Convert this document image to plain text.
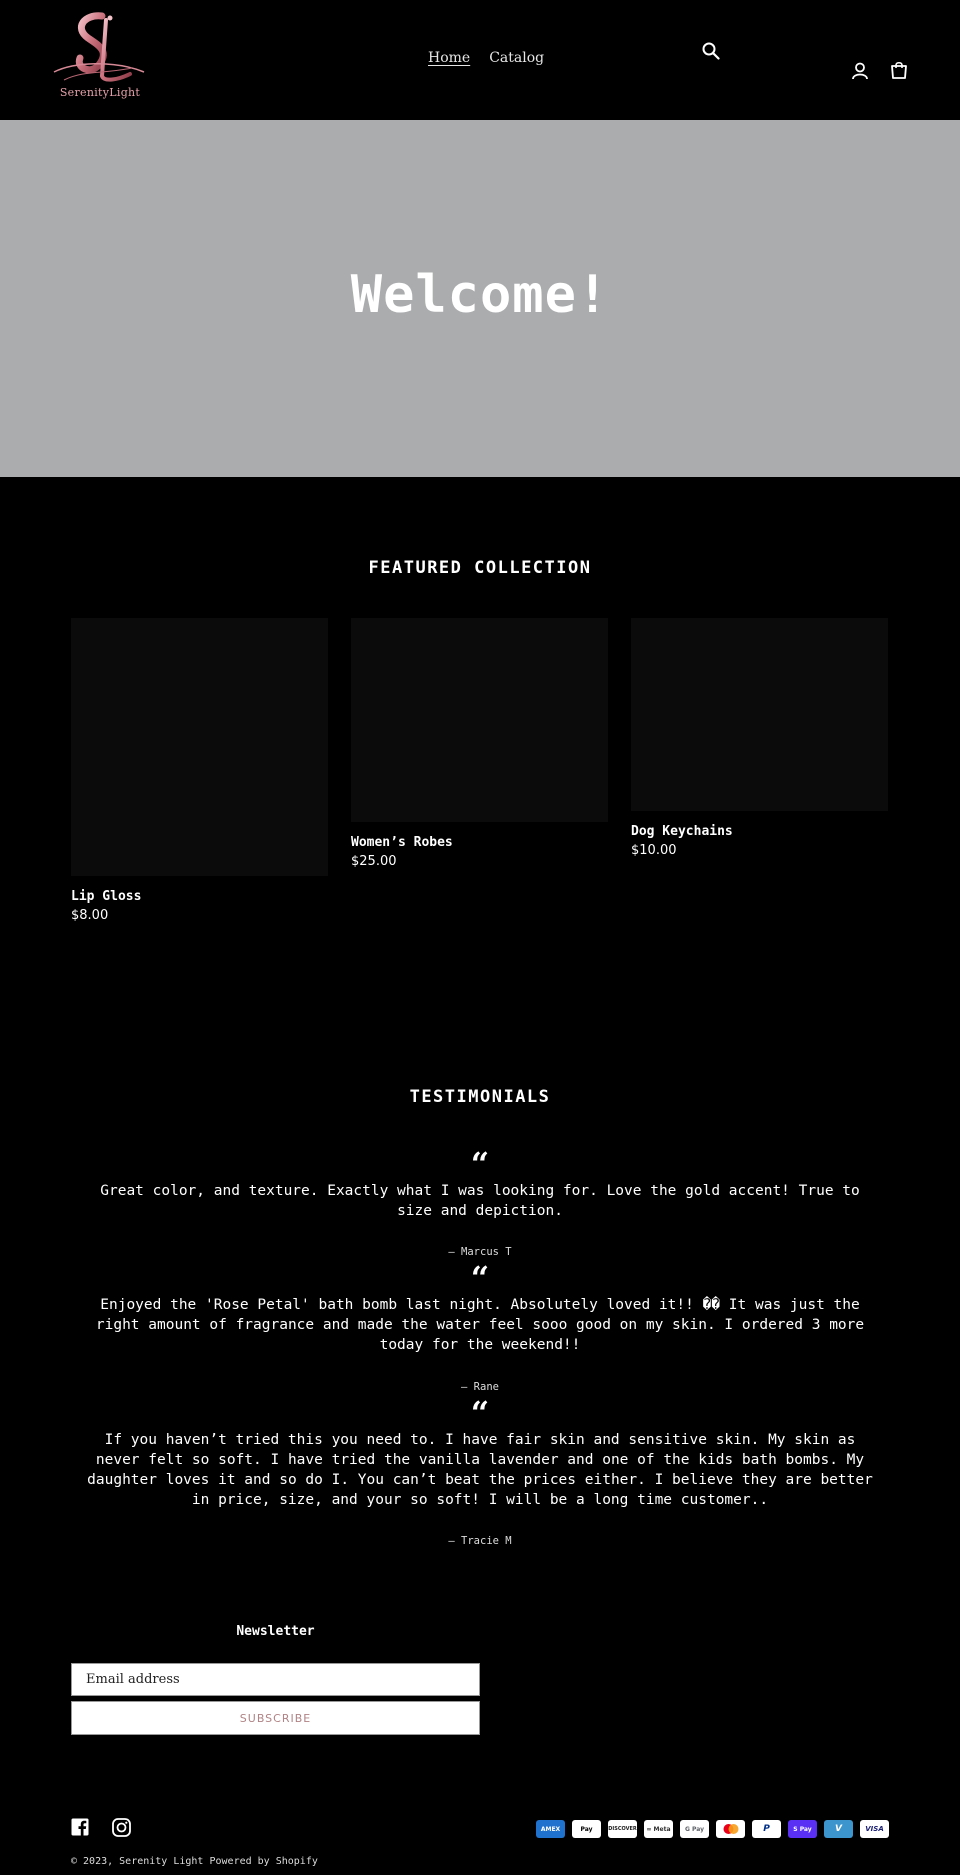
SerenityLight
Home Catalog
Welcome!
FEATURED COLLECTION
Lip Gloss
$8.00
Women’s Robes
$25.00
Dog Keychains
$10.00
TESTIMONIALS
“

Great color, and texture. Exactly what I was looking for. Love the gold accent! True to size and depiction.

— Marcus T
“

Enjoyed the 'Rose Petal' bath bomb last night. Absolutely loved it!! �� It was just the right amount of fragrance and made the water feel sooo good on my skin. I ordered 3 more today for the weekend!!

— Rane
“

If you haven’t tried this you need to. I have fair skin and sensitive skin. My skin as never felt so soft. I have tried the vanilla lavender and one of the kids bath bombs. My daughter loves it and so do I. You can’t beat the prices either. I believe they are better in price, size, and your so soft! I will be a long time customer..

— Tracie M
Newsletter
Email address
SUBSCRIBE
AMEX	Pay	DISCOVER	∞ Meta	G Pay	P	S Pay	V	VISA
© 2023, Serenity Light Powered by Shopify
